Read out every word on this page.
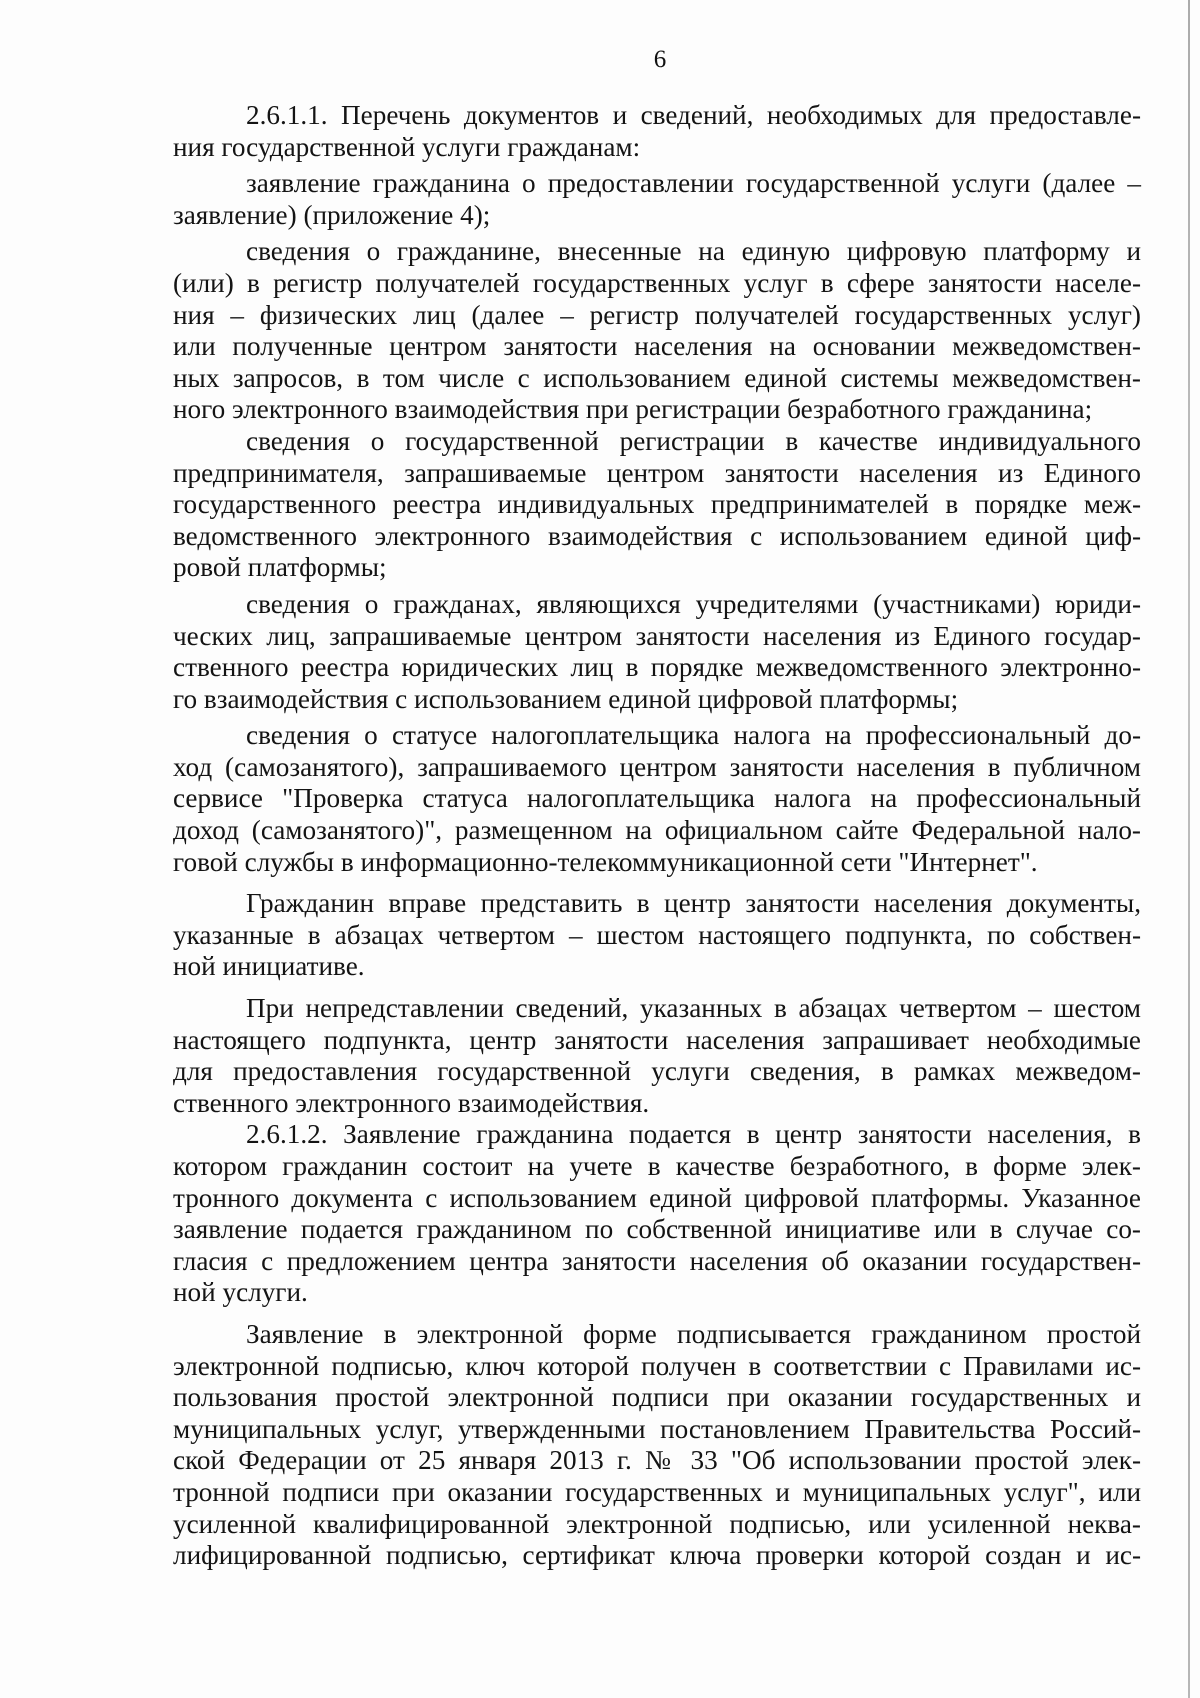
6
2.6.1.1. Перечень документов и сведений, необходимых для предоставле-
ния государственной услуги гражданам:
заявление гражданина о предоставлении государственной услуги (далее –
заявление) (приложение 4);
сведения о гражданине, внесенные на единую цифровую платформу и
(или) в регистр получателей государственных услуг в сфере занятости населе-
ния – физических лиц (далее – регистр получателей государственных услуг)
или полученные центром занятости населения на основании межведомствен-
ных запросов, в том числе с использованием единой системы межведомствен-
ного электронного взаимодействия при регистрации безработного гражданина;
сведения о государственной регистрации в качестве индивидуального
предпринимателя, запрашиваемые центром занятости населения из Единого
государственного реестра индивидуальных предпринимателей в порядке меж-
ведомственного электронного взаимодействия с использованием единой циф-
ровой платформы;
сведения о гражданах, являющихся учредителями (участниками) юриди-
ческих лиц, запрашиваемые центром занятости населения из Единого государ-
ственного реестра юридических лиц в порядке межведомственного электронно-
го взаимодействия с использованием единой цифровой платформы;
сведения о статусе налогоплательщика налога на профессиональный до-
ход (самозанятого), запрашиваемого центром занятости населения в публичном
сервисе "Проверка статуса налогоплательщика налога на профессиональный
доход (самозанятого)", размещенном на официальном сайте Федеральной нало-
говой службы в информационно-телекоммуникационной сети "Интернет".
Гражданин вправе представить в центр занятости населения документы,
указанные в абзацах четвертом – шестом настоящего подпункта, по собствен-
ной инициативе.
При непредставлении сведений, указанных в абзацах четвертом – шестом
настоящего подпункта, центр занятости населения запрашивает необходимые
для предоставления государственной услуги сведения, в рамках межведом-
ственного электронного взаимодействия.
2.6.1.2. Заявление гражданина подается в центр занятости населения, в
котором гражданин состоит на учете в качестве безработного, в форме элек-
тронного документа с использованием единой цифровой платформы. Указанное
заявление подается гражданином по собственной инициативе или в случае со-
гласия с предложением центра занятости населения об оказании государствен-
ной услуги.
Заявление в электронной форме подписывается гражданином простой
электронной подписью, ключ которой получен в соответствии с Правилами ис-
пользования простой электронной подписи при оказании государственных и
муниципальных услуг, утвержденными постановлением Правительства Россий-
ской Федерации от 25 января 2013 г. № 33 "Об использовании простой элек-
тронной подписи при оказании государственных и муниципальных услуг", или
усиленной квалифицированной электронной подписью, или усиленной неква-
лифицированной подписью, сертификат ключа проверки которой создан и ис-
